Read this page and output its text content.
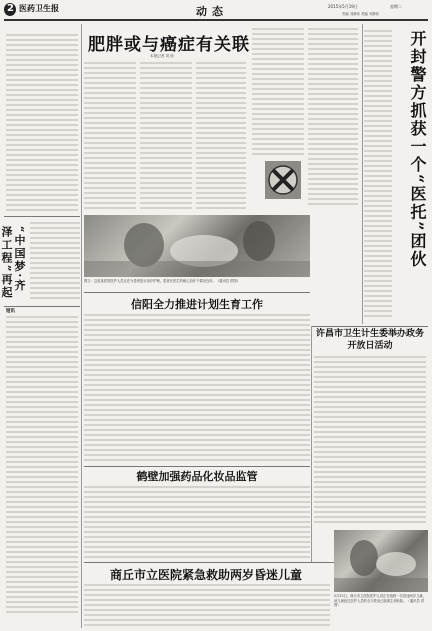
2 医药卫生报	动态	2015年5月19日	星期二
责编 刘静伟 美编 刘静伟
肥胖或与癌症有关联
本报记者 刘 欣
图文：这是某医院医护人员正在为患者进行治疗护理，患者在医生的耐心治疗下情况良好。（通讯员 供图）
“中国梦·齐泽工程”再起
短讯
开封警方抓获一个“医托”团伙
许昌市卫生计生委举办政务开放日活动
信阳全力推进计划生育工作
鹤壁加强药品化妆品监管
商丘市立医院紧急救助两岁昏迷儿童
5月15日，商丘市立医院医护人员正在抢救一名昏迷两岁儿童，该儿童经过医护人员的全力救治已脱离生命危险。（通讯员 供图）
